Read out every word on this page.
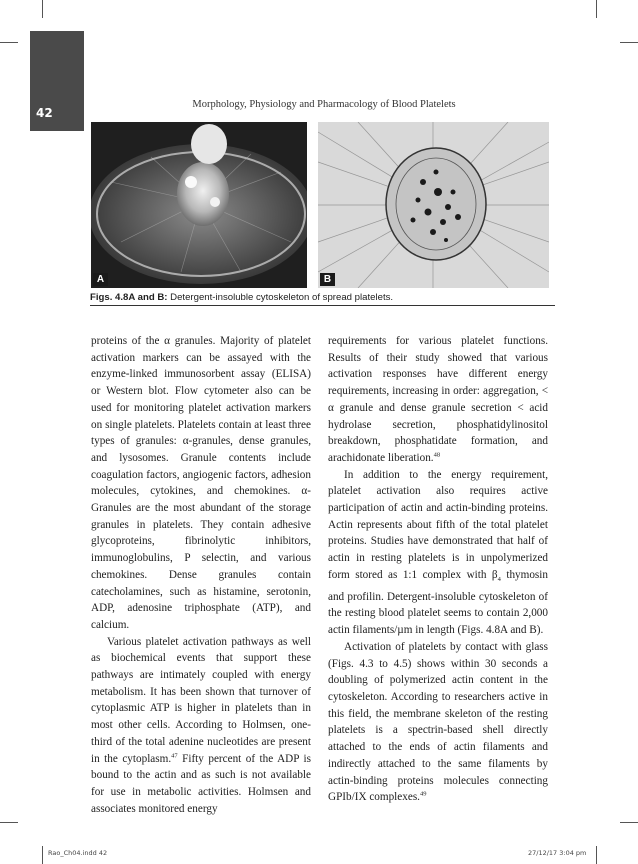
42
Morphology, Physiology and Pharmacology of Blood Platelets
A	B
Figs. 4.8A and B: Detergent-insoluble cytoskeleton of spread platelets.

proteins of the α granules. Majority of platelet activation markers can be assayed with the enzyme-linked immunosorbent assay (ELISA) or Western blot. Flow cytometer also can be used for monitoring platelet activation markers on single platelets. Platelets contain at least three types of granules: α-granules, dense granules, and lysosomes. Granule contents include coagulation factors, angiogenic factors, adhesion molecules, cytokines, and chemokines. α-Granules are the most abundant of the storage granules in platelets. They contain adhesive glycoproteins, fibrinolytic inhibitors, immunoglobulins, P selectin, and various chemokines. Dense granules contain catecholamines, such as histamine, serotonin, ADP, adenosine triphosphate (ATP), and calcium.

Various platelet activation pathways as well as biochemical events that support these pathways are intimately coupled with energy metabolism. It has been shown that turnover of cytoplasmic ATP is higher in platelets than in most other cells. According to Holmsen, one-third of the total adenine nucleotides are present in the cytoplasm.$^{47}$ Fifty percent of the ADP is bound to the actin and as such is not available for use in metabolic activities. Holmsen and associates monitored energy

requirements for various platelet functions. Results of their study showed that various activation responses have different energy requirements, increasing in order: aggregation, < α granule and dense granule secretion < acid hydrolase secretion, phosphatidylinositol breakdown, phosphatidate formation, and arachidonate liberation.$^{48}$

In addition to the energy requirement, platelet activation also requires active participation of actin and actin-binding proteins. Actin represents about fifth of the total platelet proteins. Studies have demonstrated that half of actin in resting platelets is in unpolymerized form stored as 1:1 complex with $\beta_4$ thymosin and profilin. Detergent-insoluble cytoskeleton of the resting blood platelet seems to contain 2,000 actin filaments/µm in length (Figs. 4.8A and B).

Activation of platelets by contact with glass (Figs. 4.3 to 4.5) shows within 30 seconds a doubling of polymerized actin content in the cytoskeleton. According to researchers active in this field, the membrane skeleton of the resting platelets is a spectrin-based shell directly attached to the ends of actin filaments and indirectly attached to the same filaments by actin-binding proteins molecules connecting GPIb/IX complexes.$^{49}$

Rao_Ch04.indd 42	27/12/17 3:04 pm
